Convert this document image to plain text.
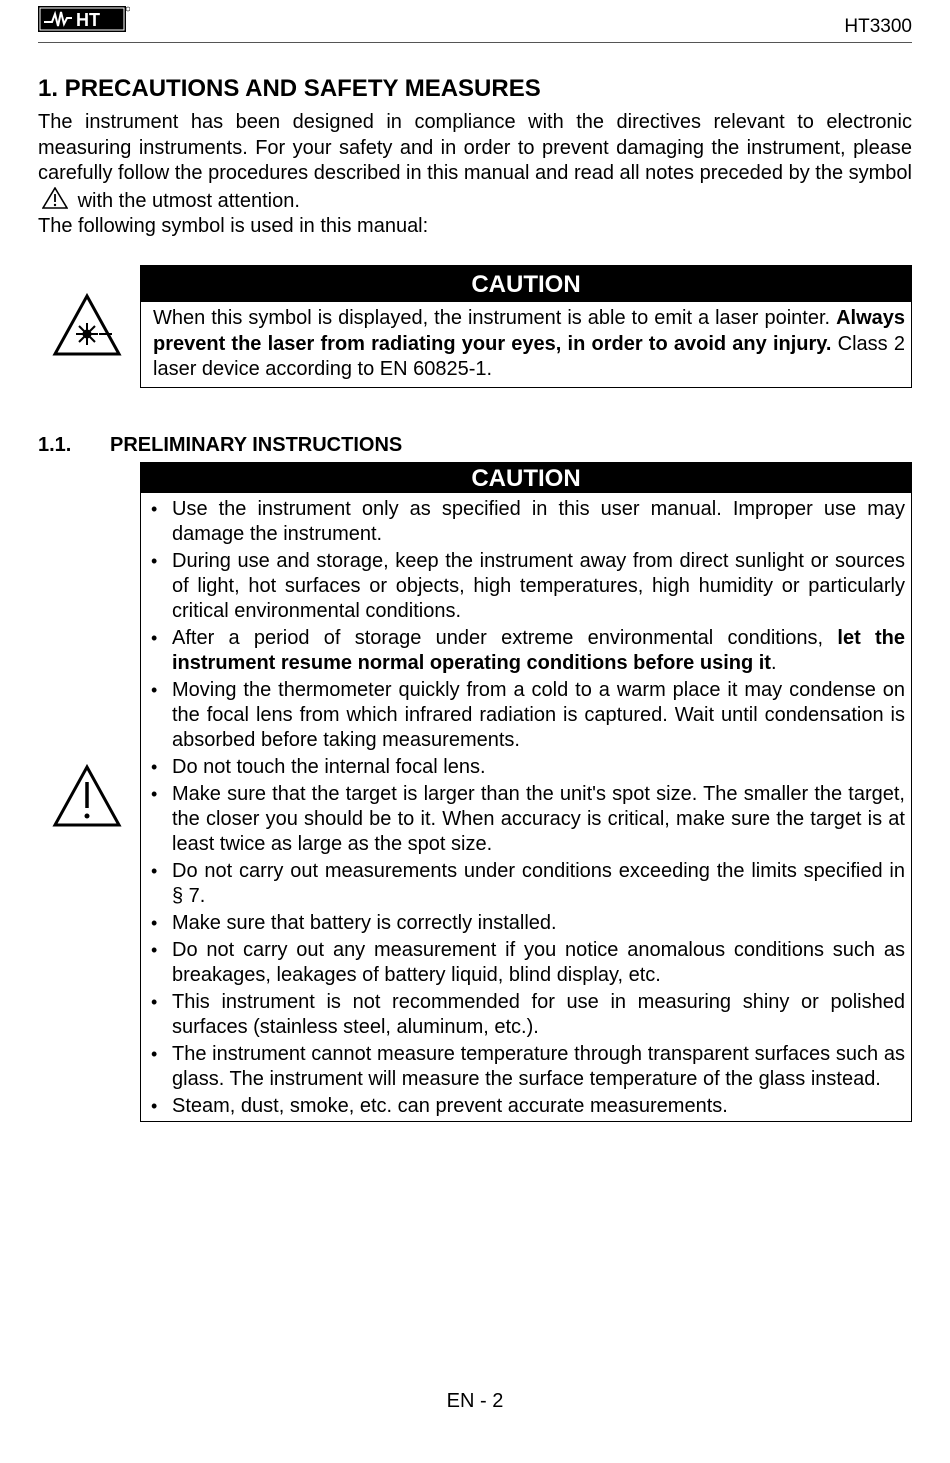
HT	HT3300
1. PRECAUTIONS AND SAFETY MEASURES

The instrument has been designed in compliance with the directives relevant to electronic measuring instruments. For your safety and in order to prevent damaging the instrument, please carefully follow the procedures described in this manual and read all notes preceded by the symbol  with the utmost attention.

The following symbol is used in this manual:

CAUTION
When this symbol is displayed, the instrument is able to emit a laser pointer. Always prevent the laser from radiating your eyes, in order to avoid any injury. Class 2 laser device according to EN 60825-1.

1.1. PRELIMINARY INSTRUCTIONS

CAUTION
• Use the instrument only as specified in this user manual. Improper use may damage the instrument.
• During use and storage, keep the instrument away from direct sunlight or sources of light, hot surfaces or objects, high temperatures, high humidity or particularly critical environmental conditions.
• After a period of storage under extreme environmental conditions, let the instrument resume normal operating conditions before using it.
• Moving the thermometer quickly from a cold to a warm place it may condense on the focal lens from which infrared radiation is captured. Wait until condensation is absorbed before taking measurements.
• Do not touch the internal focal lens.
• Make sure that the target is larger than the unit's spot size. The smaller the target, the closer you should be to it. When accuracy is critical, make sure the target is at least twice as large as the spot size.
• Do not carry out measurements under conditions exceeding the limits specified in § 7.
• Make sure that battery is correctly installed.
• Do not carry out any measurement if you notice anomalous conditions such as breakages, leakages of battery liquid, blind display, etc.
• This instrument is not recommended for use in measuring shiny or polished surfaces (stainless steel, aluminum, etc.).
• The instrument cannot measure temperature through transparent surfaces such as glass. The instrument will measure the surface temperature of the glass instead.
• Steam, dust, smoke, etc. can prevent accurate measurements.
EN - 2
